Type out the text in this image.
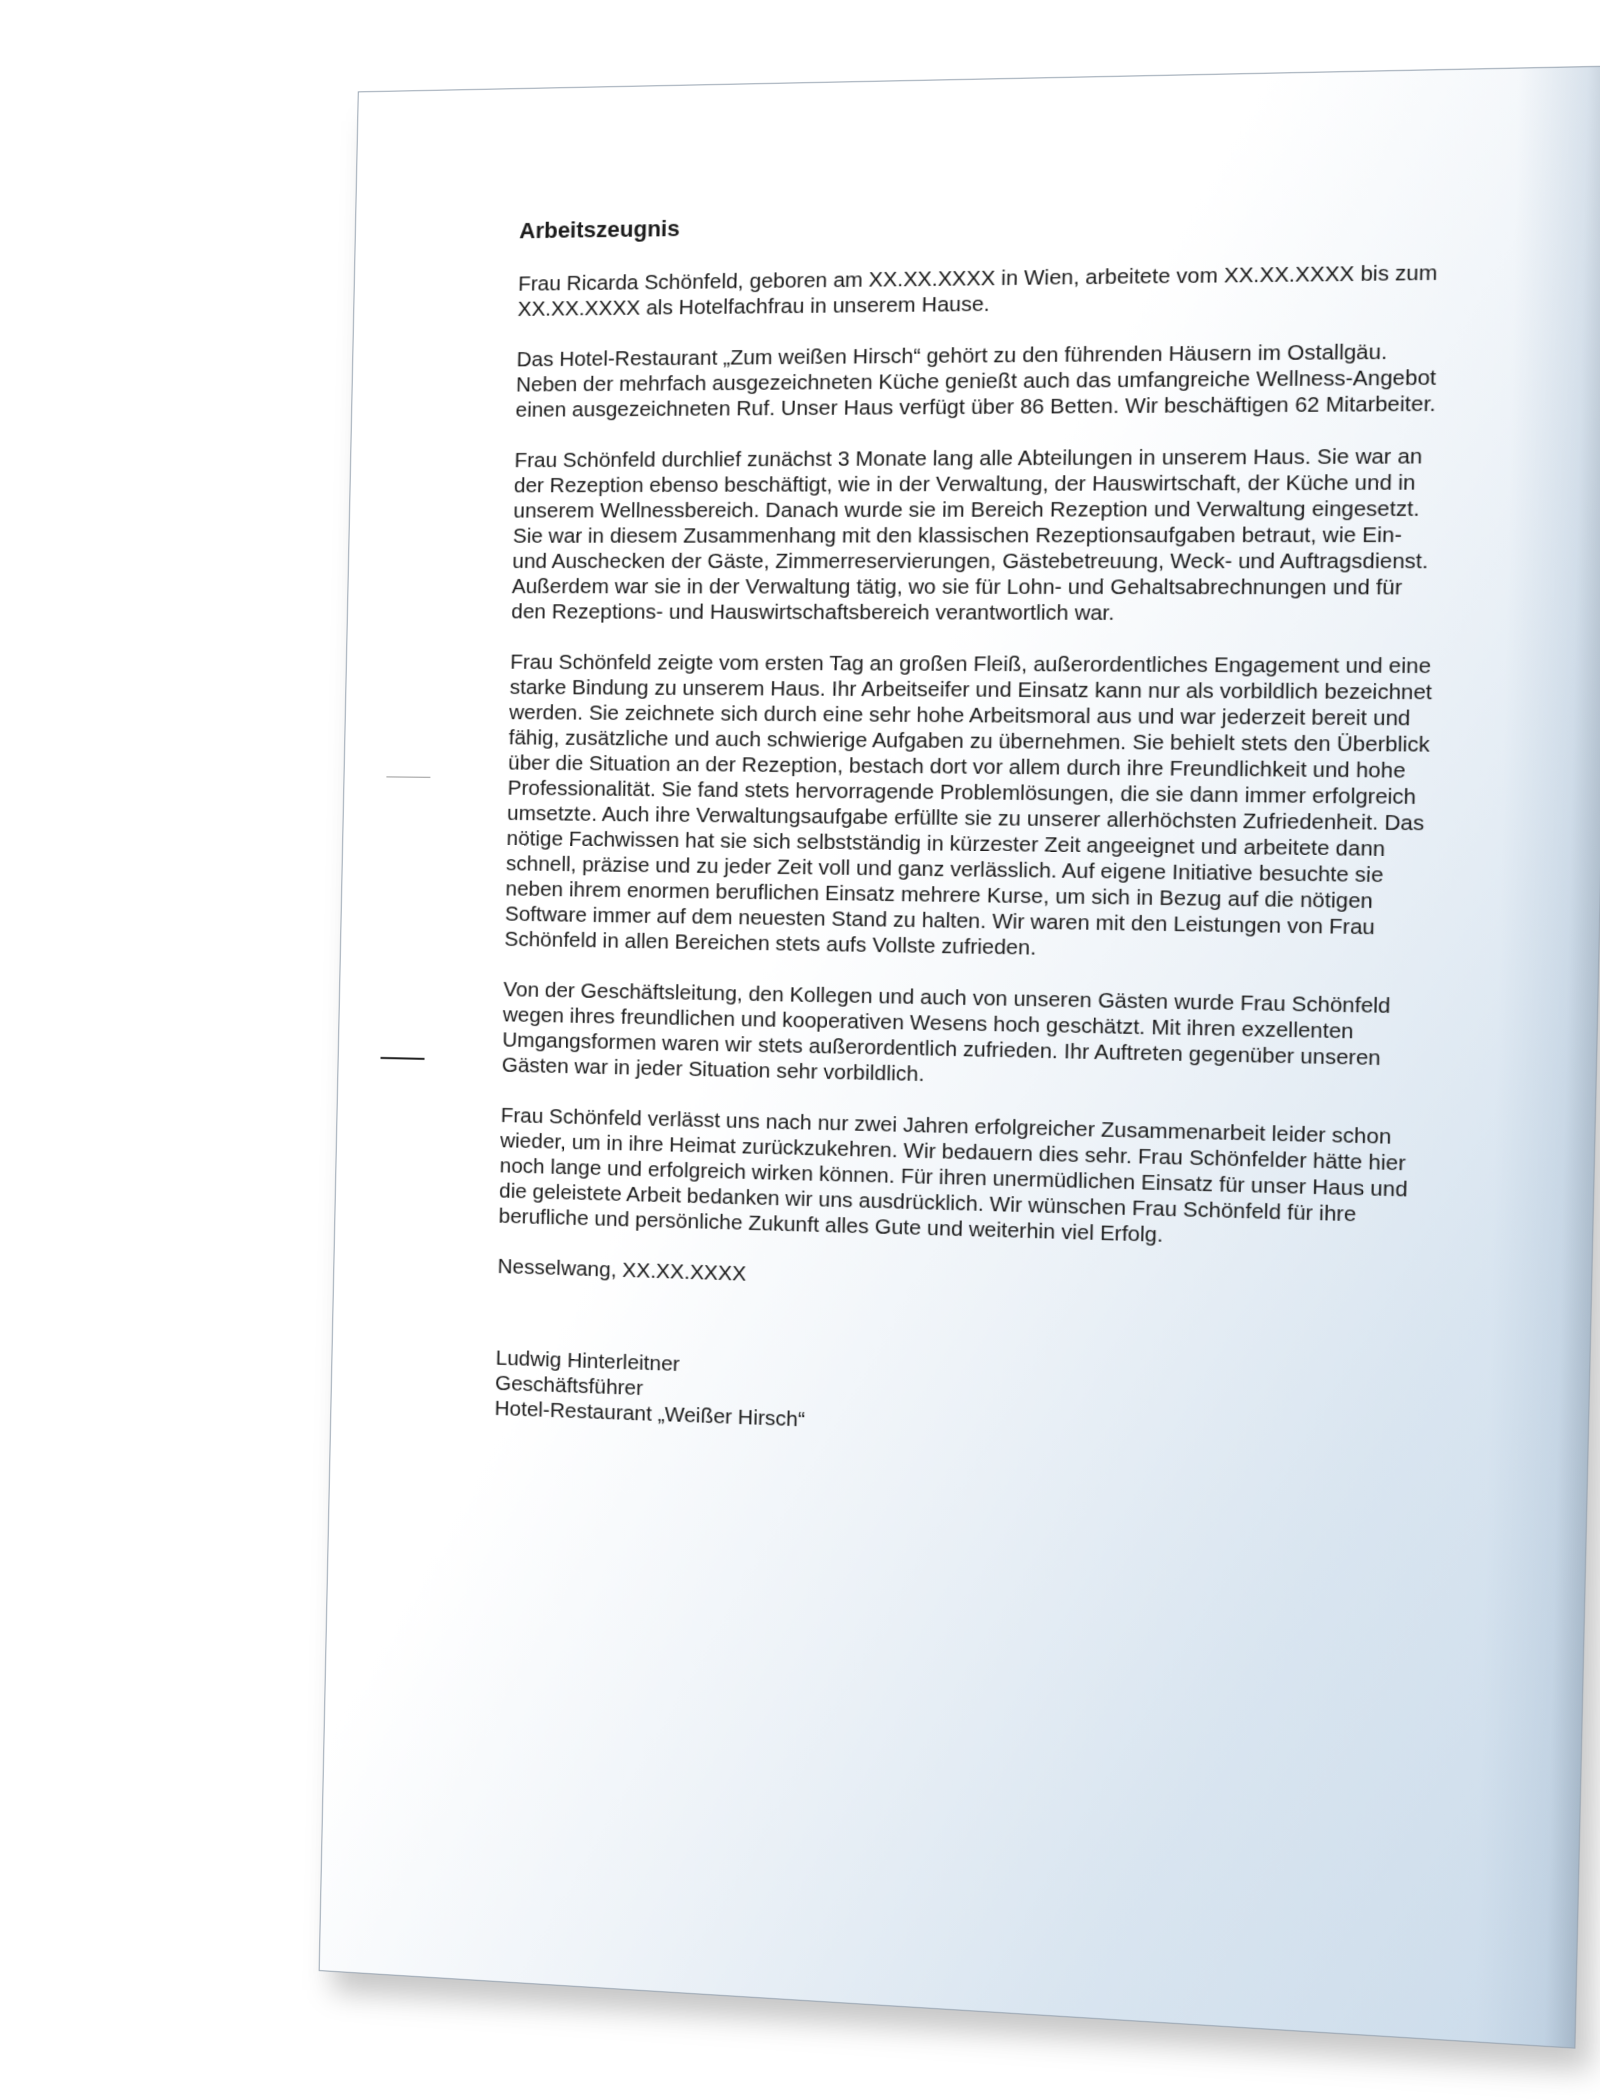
Arbeitszeugnis

Frau Ricarda Schönfeld, geboren am XX.XX.XXXX in Wien, arbeitete vom XX.XX.XXXX bis zum XX.XX.XXXX als Hotelfachfrau in unserem Hause.

Das Hotel-Restaurant „Zum weißen Hirsch“ gehört zu den führenden Häusern im Ostallgäu. Neben der mehrfach ausgezeichneten Küche genießt auch das umfangreiche Wellness-Angebot einen ausgezeichneten Ruf. Unser Haus verfügt über 86 Betten. Wir beschäftigen 62 Mitarbeiter.

Frau Schönfeld durchlief zunächst 3 Monate lang alle Abteilungen in unserem Haus. Sie war an der Rezeption ebenso beschäftigt, wie in der Verwaltung, der Hauswirtschaft, der Küche und in unserem Wellnessbereich. Danach wurde sie im Bereich Rezeption und Verwaltung eingesetzt. Sie war in diesem Zusammenhang mit den klassischen Rezeptionsaufgaben betraut, wie Ein- und Auschecken der Gäste, Zimmerreservierungen, Gästebetreuung, Weck- und Auftragsdienst. Außerdem war sie in der Verwaltung tätig, wo sie für Lohn- und Gehaltsabrechnungen und für den Rezeptions- und Hauswirtschaftsbereich verantwortlich war.

Frau Schönfeld zeigte vom ersten Tag an großen Fleiß, außerordentliches Engagement und eine starke Bindung zu unserem Haus. Ihr Arbeitseifer und Einsatz kann nur als vorbildlich bezeichnet werden. Sie zeichnete sich durch eine sehr hohe Arbeitsmoral aus und war jederzeit bereit und fähig, zusätzliche und auch schwierige Aufgaben zu übernehmen. Sie behielt stets den Überblick über die Situation an der Rezeption, bestach dort vor allem durch ihre Freundlichkeit und hohe Professionalität. Sie fand stets hervorragende Problemlösungen, die sie dann immer erfolgreich umsetzte. Auch ihre Verwaltungsaufgabe erfüllte sie zu unserer allerhöchsten Zufriedenheit. Das nötige Fachwissen hat sie sich selbstständig in kürzester Zeit angeeignet und arbeitete dann schnell, präzise und zu jeder Zeit voll und ganz verlässlich. Auf eigene Initiative besuchte sie neben ihrem enormen beruflichen Einsatz mehrere Kurse, um sich in Bezug auf die nötigen Software immer auf dem neuesten Stand zu halten. Wir waren mit den Leistungen von Frau Schönfeld in allen Bereichen stets aufs Vollste zufrieden.

Von der Geschäftsleitung, den Kollegen und auch von unseren Gästen wurde Frau Schönfeld wegen ihres freundlichen und kooperativen Wesens hoch geschätzt. Mit ihren exzellenten Umgangsformen waren wir stets außerordentlich zufrieden. Ihr Auftreten gegenüber unseren Gästen war in jeder Situation sehr vorbildlich.

Frau Schönfeld verlässt uns nach nur zwei Jahren erfolgreicher Zusammenarbeit leider schon wieder, um in ihre Heimat zurückzukehren. Wir bedauern dies sehr. Frau Schönfelder hätte hier noch lange und erfolgreich wirken können. Für ihren unermüdlichen Einsatz für unser Haus und die geleistete Arbeit bedanken wir uns ausdrücklich. Wir wünschen Frau Schönfeld für ihre berufliche und persönliche Zukunft alles Gute und weiterhin viel Erfolg.

Nesselwang, XX.XX.XXXX

Ludwig Hinterleitner
Geschäftsführer
Hotel-Restaurant „Weißer Hirsch“
